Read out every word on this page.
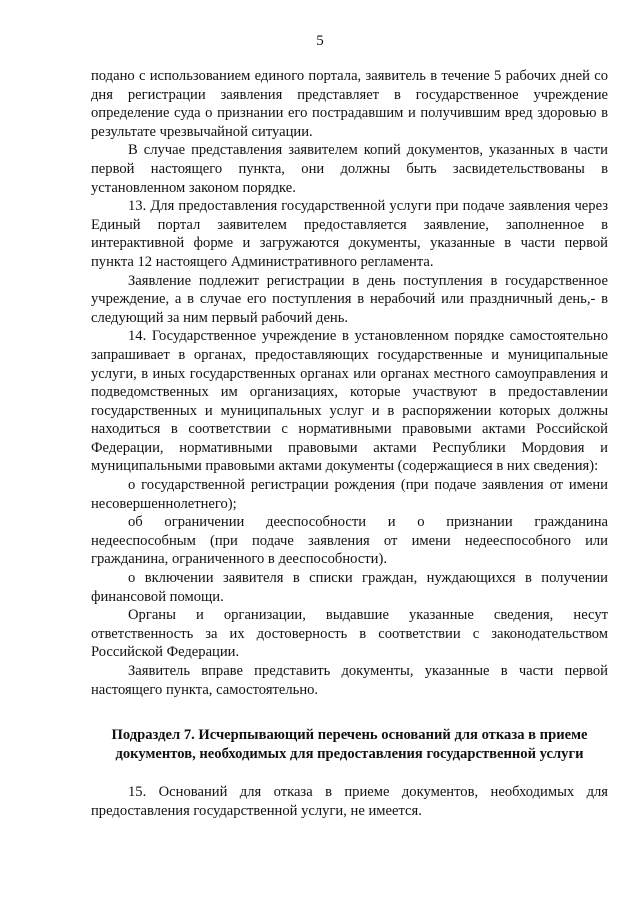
5

подано с использованием единого портала, заявитель в течение 5 рабочих дней со дня регистрации заявления представляет в государственное учреждение определение суда о признании его пострадавшим и получившим вред здоровью в результате чрезвычайной ситуации.

В случае представления заявителем копий документов, указанных в части первой настоящего пункта, они должны быть засвидетельствованы в установленном законом порядке.

13. Для предоставления государственной услуги при подаче заявления через Единый портал заявителем предоставляется заявление, заполненное в интерактивной форме и загружаются документы, указанные в части первой пункта 12 настоящего Административного регламента.

Заявление подлежит регистрации в день поступления в государственное учреждение, а в случае его поступления в нерабочий или праздничный день,- в следующий за ним первый рабочий день.

14. Государственное учреждение в установленном порядке самостоятельно запрашивает в органах, предоставляющих государственные и муниципальные услуги, в иных государственных органах или органах местного самоуправления и подведомственных им организациях, которые участвуют в предоставлении государственных и муниципальных услуг и в распоряжении которых должны находиться в соответствии с нормативными правовыми актами Российской Федерации, нормативными правовыми актами Республики Мордовия и муниципальными правовыми актами документы (содержащиеся в них сведения):

о государственной регистрации рождения (при подаче заявления от имени несовершеннолетнего);

об ограничении дееспособности и о признании гражданина недееспособным (при подаче заявления от имени недееспособного или гражданина, ограниченного в дееспособности).

о включении заявителя в списки граждан, нуждающихся в получении финансовой помощи.

Органы и организации, выдавшие указанные сведения, несут ответственность за их достоверность в соответствии с законодательством Российской Федерации.

Заявитель вправе представить документы, указанные в части первой настоящего пункта, самостоятельно.

Подраздел 7. Исчерпывающий перечень оснований для отказа в приеме документов, необходимых для предоставления государственной услуги

15. Оснований для отказа в приеме документов, необходимых для предоставления государственной услуги, не имеется.
